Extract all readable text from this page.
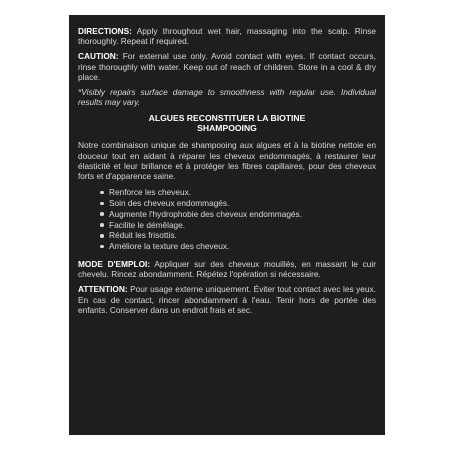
DIRECTIONS: Apply throughout wet hair, massaging into the scalp. Rinse thoroughly. Repeat if required.

CAUTION: For external use only. Avoid contact with eyes. If contact occurs, rinse thoroughly with water. Keep out of reach of children. Store in a cool & dry place.

*Visibly repairs surface damage to smoothness with regular use. Individual results may vary.

ALGUES RECONSTITUER LA BIOTINE
SHAMPOOING

Notre combinaison unique de shampooing aux algues et à la biotine nettoie en douceur tout en aidant à réparer les cheveux endommagés, à restaurer leur élasticité et leur brillance et à protéger les fibres capillaires, pour des cheveux forts et d'apparence saine.

Renforce les cheveux.
Soin des cheveux endommagés.
Augmente l'hydrophobie des cheveux endommagés.
Facilite le démêlage.
Réduit les frisottis.
Améliore la texture des cheveux.

MODE D'EMPLOI: Appliquer sur des cheveux mouillés, en massant le cuir chevelu. Rincez abondamment. Répétez l'opération si nécessaire.

ATTENTION: Pour usage externe uniquement. Éviter tout contact avec les yeux. En cas de contact, rincer abondamment à l'eau. Tenir hors de portée des enfants. Conserver dans un endroit frais et sec.
